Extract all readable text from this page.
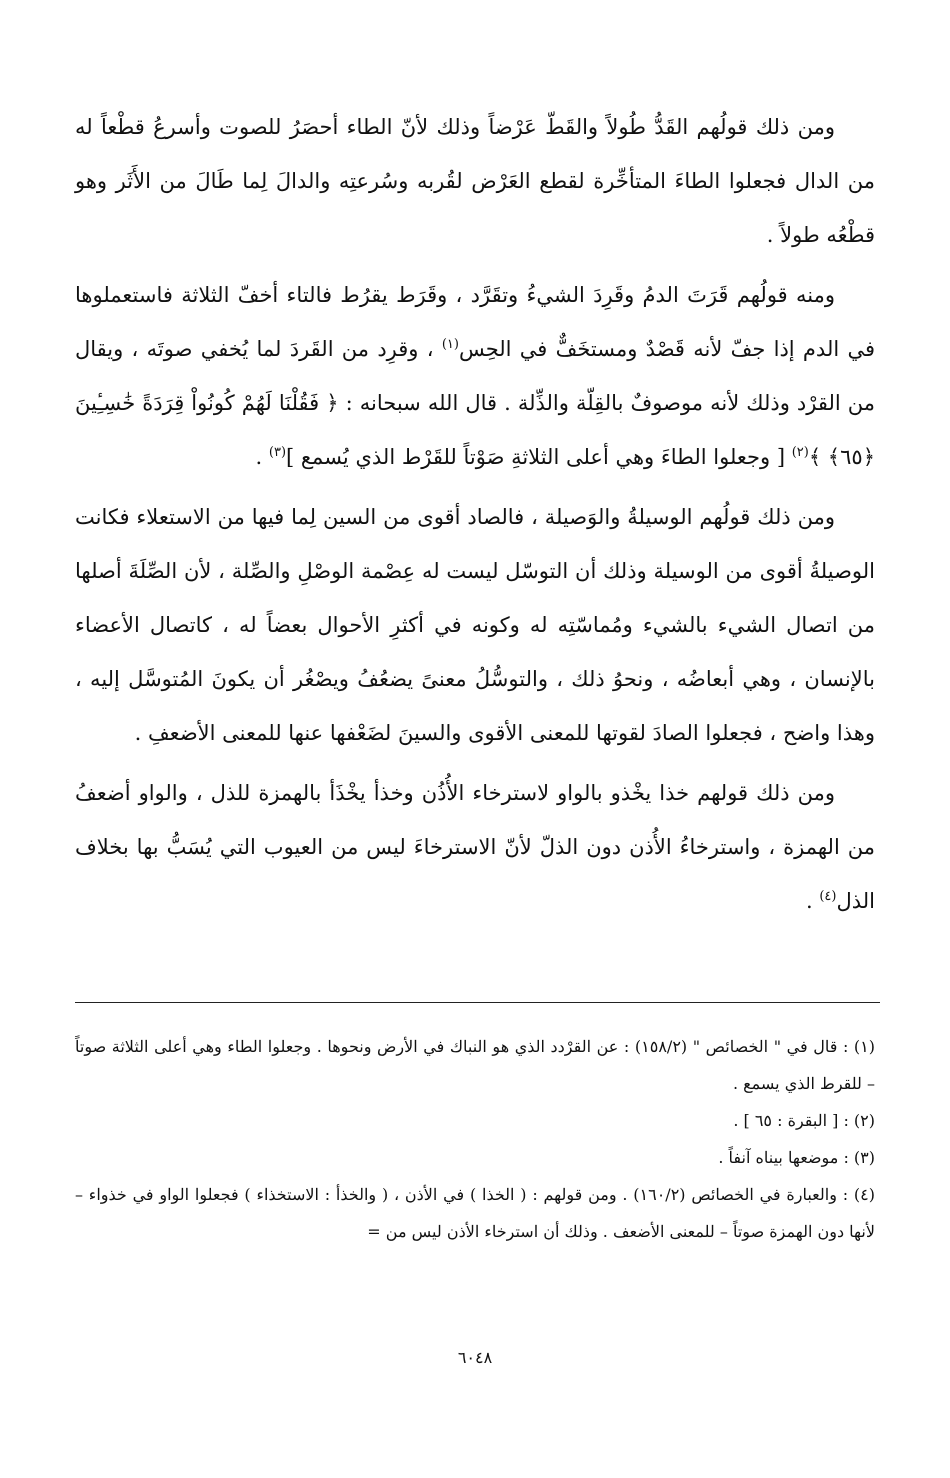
ومن ذلك قولُهم القَدُّ طُولاً والقَطّ عَرْضاً وذلك لأنّ الطاء أحصَرُ للصوت وأسرعُ قطْعاً له من الدال فجعلوا الطاءَ المتأخِّرة لقطع العَرْض لقُربه وسُرعتِه والدالَ لِما طَالَ من الأَثَر وهو قطْعُه طولاً .

ومنه قولُهم قَرَتَ الدمُ وقَرِدَ الشيءُ وتقَرَّد ، وقَرَط يقرُط فالتاء أخفّ الثلاثة فاستعملوها في الدم إذا جفّ لأنه قَصْدٌ ومستخَفٌّ في الحِس$^{(١)}$ ، وقرِد من القَردَ لما يُخفي صوتَه ، ويقال من القرْد وذلك لأنه موصوفٌ بالقِلّة والذِّلة . قال الله سبحانه : ﴿ فَقُلْنَا لَهُمْ كُونُواْ قِرَدَةً خَٰسِـِٔينَ ﴿٦٥﴾ ﴾$^{(٢)}$ [ وجعلوا الطاءَ وهي أعلى الثلاثةِ صَوْتاً للقَرْط الذي يُسمع ]$^{(٣)}$ .

ومن ذلك قولُهم الوسيلةُ والوَصيلة ، فالصاد أقوى من السين لِما فيها من الاستعلاء فكانت الوصيلةُ أقوى من الوسيلة وذلك أن التوسّل ليست له عِصْمة الوصْلِ والصِّلة ، لأن الصِّلَةَ أصلها من اتصال الشيء بالشيء ومُماسّتِه له وكونه في أكثرِ الأحوال بعضاً له ، كاتصال الأعضاء بالإنسان ، وهي أبعاضُه ، ونحوُ ذلك ، والتوسُّلُ معنىً يضعُفُ ويصْغُر أن يكونَ المُتوسَّل إليه ، وهذا واضح ، فجعلوا الصادَ لقوتها للمعنى الأقوى والسينَ لضَعْفها عنها للمعنى الأضعفِ .

ومن ذلك قولهم خذا يخْذو بالواو لاسترخاء الأُذُن وخذأ يخْذَأ بالهمزة للذل ، والواو أضعفُ من الهمزة ، واسترخاءُ الأُذن دون الذلّ لأنّ الاسترخاءَ ليس من العيوب التي يُسَبُّ بها بخلاف الذل$^{(٤)}$ .

(١) : قال في " الخصائص " (١٥٨/٢) : عن القرْدد الذي هو النباك في الأرض ونحوها . وجعلوا الطاء وهي أعلى الثلاثة صوتاً – للقرط الذي يسمع .

(٢) : [ البقرة : ٦٥ ] .

(٣) : موضعها بيناه آنفاً .

(٤) : والعبارة في الخصائص (١٦٠/٢) . ومن قولهم : ( الخذا ) في الأذن ، ( والخذأ : الاستخذاء ) فجعلوا الواو في خذواء – لأنها دون الهمزة صوتاً – للمعنى الأضعف . وذلك أن استرخاء الأذن ليس من =

٦٠٤٨
